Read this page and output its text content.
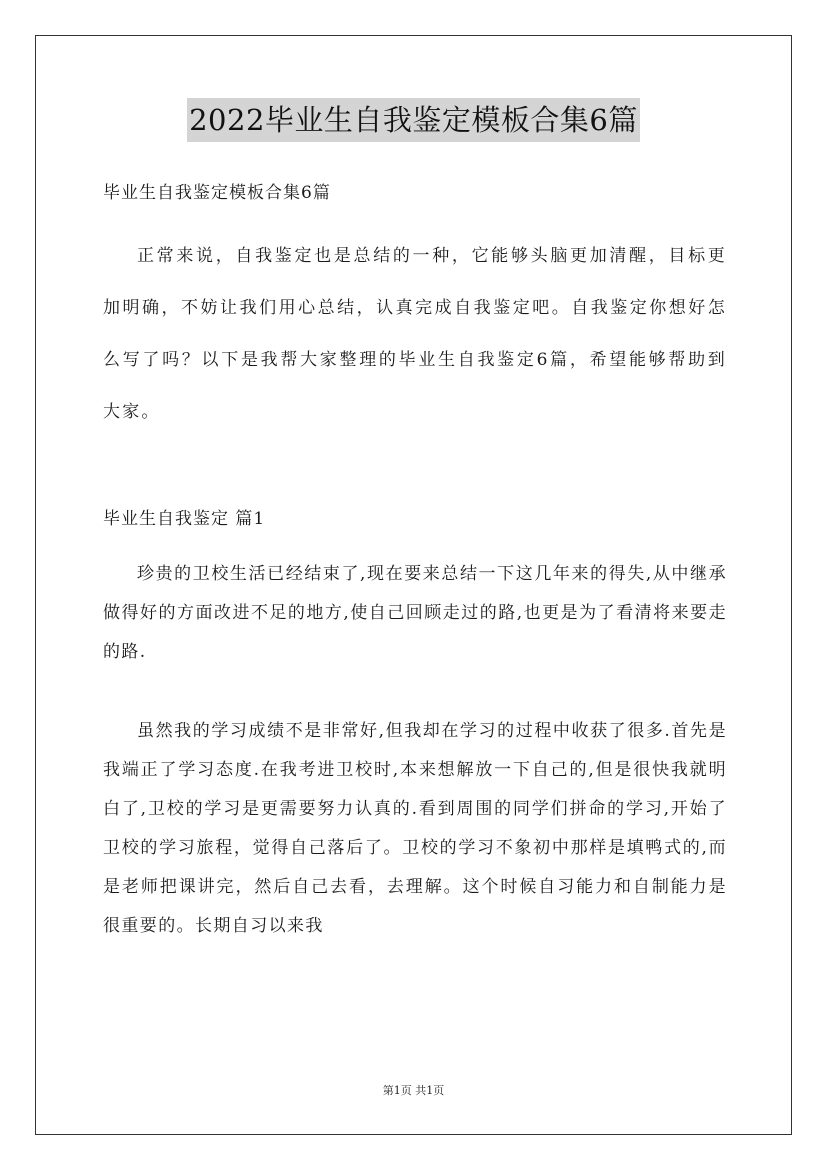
2022毕业生自我鉴定模板合集6篇

毕业生自我鉴定模板合集6篇

正常来说，自我鉴定也是总结的一种，它能够头脑更加清醒，目标更加明确，不妨让我们用心总结，认真完成自我鉴定吧。自我鉴定你想好怎么写了吗？以下是我帮大家整理的毕业生自我鉴定6篇，希望能够帮助到大家。

毕业生自我鉴定 篇1

珍贵的卫校生活已经结束了,现在要来总结一下这几年来的得失,从中继承做得好的方面改进不足的地方,使自己回顾走过的路,也更是为了看清将来要走的路.

虽然我的学习成绩不是非常好,但我却在学习的过程中收获了很多.首先是我端正了学习态度.在我考进卫校时,本来想解放一下自己的,但是很快我就明白了,卫校的学习是更需要努力认真的.看到周围的同学们拼命的学习,开始了卫校的学习旅程，觉得自己落后了。卫校的学习不象初中那样是填鸭式的,而是老师把课讲完，然后自己去看，去理解。这个时候自习能力和自制能力是很重要的。长期自习以来我

第1页 共1页
